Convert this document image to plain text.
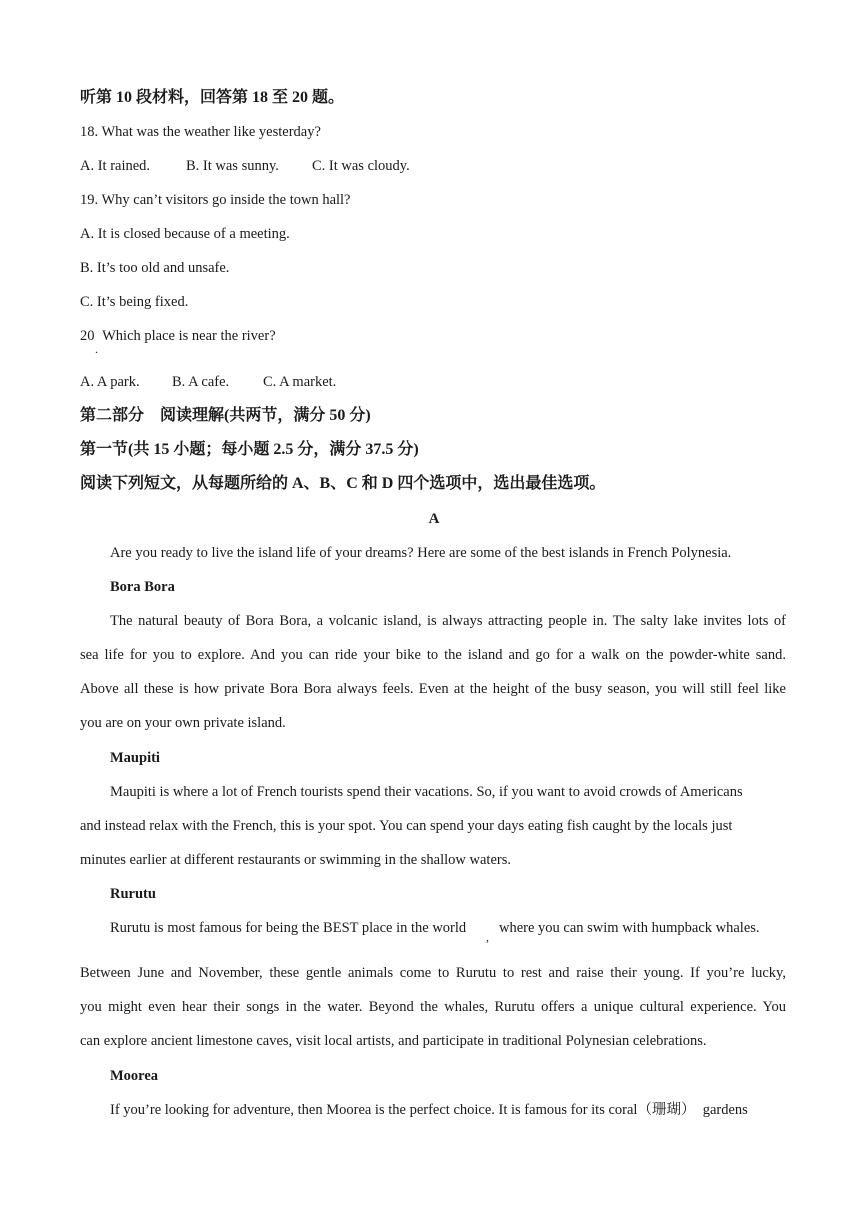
听第 10 段材料，回答第 18 至 20 题。
18. What was the weather like yesterday?
A. It rained. B. It was sunny. C. It was cloudy.
19. Why can’t visitors go inside the town hall?
A. It is closed because of a meeting.
B. It’s too old and unsafe.
C. It’s being fixed.
20 Which place is near the river?
.
A. A park. B. A cafe. C. A market.
第二部分　阅读理解(共两节，满分 50 分)
第一节(共 15 小题；每小题 2.5 分，满分 37.5 分)
阅读下列短文，从每题所给的 A、B、C 和 D 四个选项中，选出最佳选项。
A
Are you ready to live the island life of your dreams? Here are some of the best islands in French Polynesia.
Bora Bora
The natural beauty of Bora Bora, a volcanic island, is always attracting people in. The salty lake invites lots of
sea life for you to explore. And you can ride your bike to the island and go for a walk on the powder-white sand.
Above all these is how private Bora Bora always feels. Even at the height of the busy season, you will still feel like
you are on your own private island.
Maupiti
Maupiti is where a lot of French tourists spend their vacations. So, if you want to avoid crowds of Americans
and instead relax with the French, this is your spot. You can spend your days eating fish caught by the locals just
minutes earlier at different restaurants or swimming in the shallow waters.
Rurutu
Rurutu is most famous for being the BEST place in the world
,
where you can swim with humpback whales.
Between June and November, these gentle animals come to Rurutu to rest and raise their young. If you’re lucky,
you might even hear their songs in the water. Beyond the whales, Rurutu offers a unique cultural experience. You
can explore ancient limestone caves, visit local artists, and participate in traditional Polynesian celebrations.
Moorea
If you’re looking for adventure, then Moorea is the perfect choice. It is famous for its coral（珊瑚）　gardens
